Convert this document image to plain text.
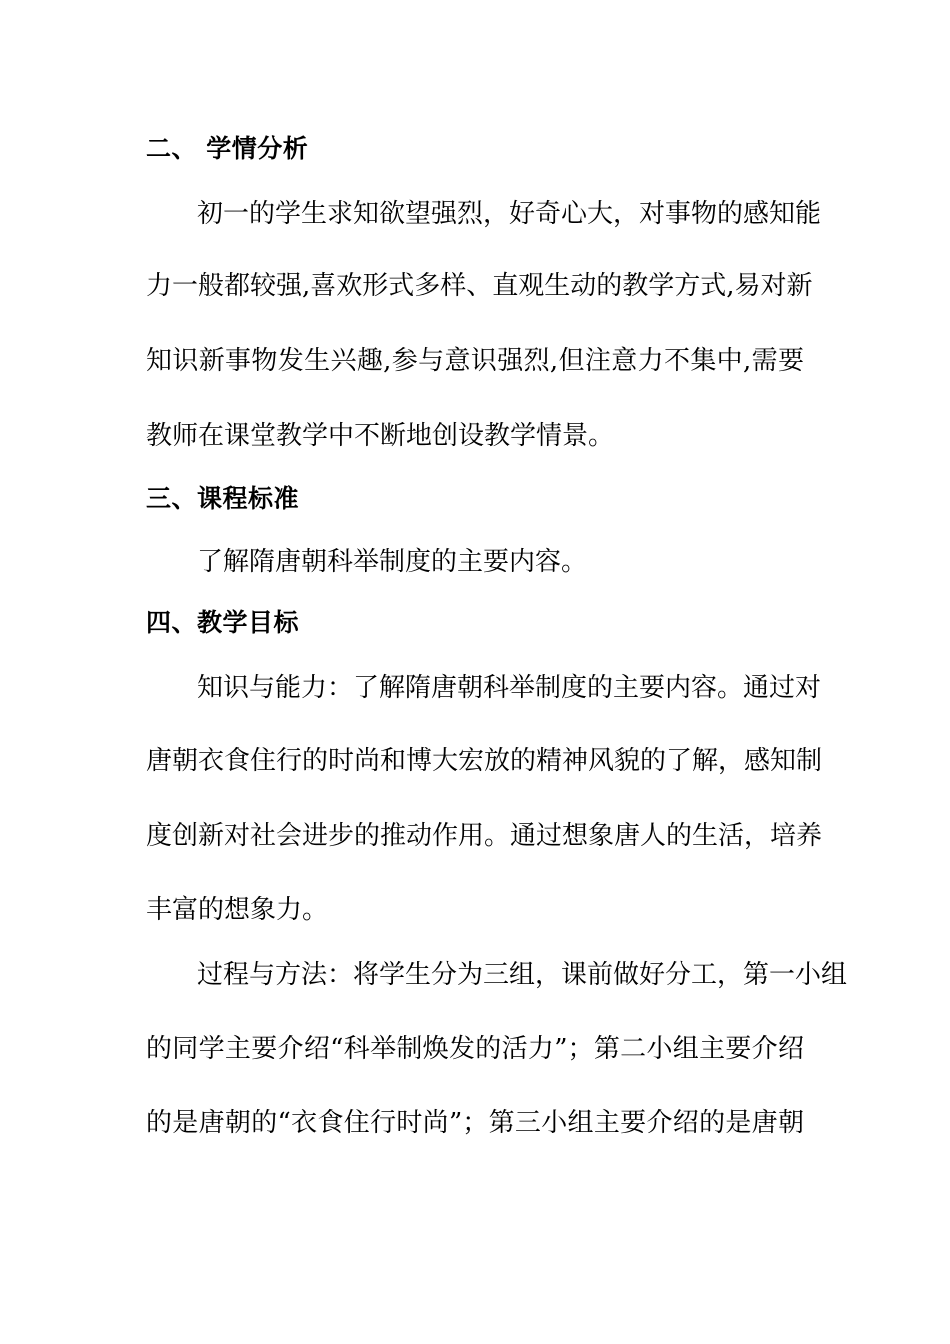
二、 学情分析
初一的学生求知欲望强烈，好奇心大，对事物的感知能
力一般都较强,喜欢形式多样、直观生动的教学方式,易对新
知识新事物发生兴趣,参与意识强烈,但注意力不集中,需要
教师在课堂教学中不断地创设教学情景。
三、课程标准
了解隋唐朝科举制度的主要内容。
四、教学目标
知识与能力：了解隋唐朝科举制度的主要内容。通过对
唐朝衣食住行的时尚和博大宏放的精神风貌的了解，感知制
度创新对社会进步的推动作用。通过想象唐人的生活，培养
丰富的想象力。
过程与方法：将学生分为三组，课前做好分工，第一小组
的同学主要介绍“科举制焕发的活力”；第二小组主要介绍
的是唐朝的“衣食住行时尚”；第三小组主要介绍的是唐朝
